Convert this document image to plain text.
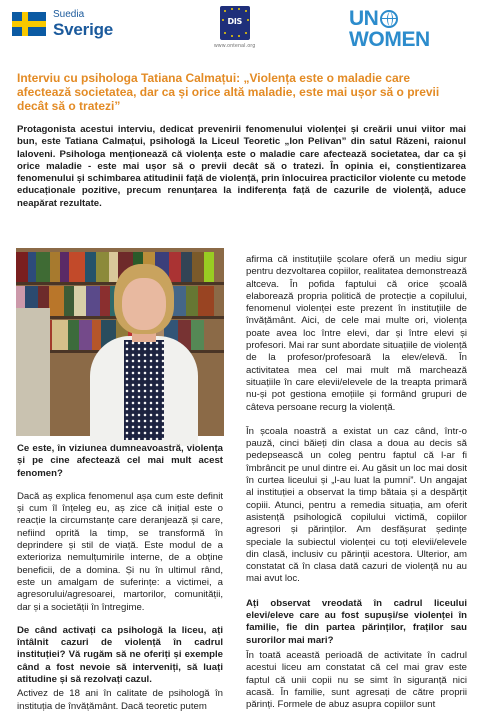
Suedia
Sverige	DIS
www.ontenal.org
UN
WOMEN
Interviu cu psihologa Tatiana Calmațui: „Violența este o maladie care afectează societatea, dar ca și orice altă maladie, este mai ușor să o previi decât să o tratezi”

Protagonista acestui interviu, dedicat prevenirii fenomenului violenței și creării unui viitor mai bun, este Tatiana Calmațui, psihologă la Liceul Teoretic „Ion Pelivan” din satul Răzeni, raionul Ialoveni. Psihologa menționează că violența este o maladie care afectează societatea, dar ca și orice maladie - este mai ușor să o previi decât să o tratezi. În opinia ei, conștientizarea fenomenului și schimbarea atitudinii față de violență, prin înlocuirea practicilor violente cu metode educaționale pozitive, precum renunțarea la indiferența față de cazurile de violență, aduce neapărat rezultate.

Ce este, în viziunea dumneavoastră, violența și pe cine afectează cel mai mult acest fenomen?

Dacă aș explica fenomenul așa cum este definit și cum îl înțeleg eu, aș zice că inițial este o reacție la circumstanțe care deranjează și care, nefiind oprită la timp, se transformă în deprindere și stil de viață. Este modul de a exterioriza nemulțumirile interne, de a obține beneficii, de a domina. Și nu în ultimul rând, este un amalgam de suferințe: a victimei, a agresorului/agresoarei, martorilor, comunității, dar și a societății în întregime.

De când activați ca psihologă la liceu, ați întâlnit cazuri de violență în cadrul instituției? Vă rugăm să ne oferiți și exemple când a fost nevoie să interveniți, să luați atitudine și să rezolvați cazul.

Activez de 18 ani în calitate de psihologă în instituția de învățământ. Dacă teoretic putem

afirma că instituțiile școlare oferă un mediu sigur pentru dezvoltarea copiilor, realitatea demonstrează altceva. În pofida faptului că orice școală elaborează propria politică de protecție a copilului, fenomenul violenței este prezent în instituțiile de învățământ. Aici, de cele mai multe ori, violența poate avea loc între elevi, dar și între elevi și profesori. Mai rar sunt abordate situațiile de violență de la profesor/profesoară la elev/elevă. În activitatea mea cel mai mult mă marchează situațiile în care elevii/elevele de la treapta primară nu-și pot gestiona emoțiile și formând grupuri de câteva persoane recurg la violență.

În școala noastră a existat un caz când, într-o pauză, cinci băieți din clasa a doua au decis să pedepsească un coleg pentru faptul că l-ar fi îmbrâncit pe unul dintre ei. Au găsit un loc mai dosit în curtea liceului și „l-au luat la pumni”. Un angajat al instituției a observat la timp bătaia și a despărțit copiii. Atunci, pentru a remedia situația, am oferit asistență psihologică copilului victimă, copiilor agresori și părinților. Am desfășurat ședințe speciale la subiectul violenței cu toți elevii/elevele din clasă, inclusiv cu părinții acestora. Ulterior, am constatat că în clasa dată cazuri de violență nu au mai avut loc.

Ați observat vreodată în cadrul liceului elevi/eleve care au fost supuși/se violenței în familie, fie din partea părinților, fraților sau surorilor mai mari?

În toată această perioadă de activitate în cadrul acestui liceu am constatat că cel mai grav este faptul că unii copii nu se simt în siguranță nici acasă. În familie, sunt agresați de către proprii părinți. Formele de abuz asupra copiilor sunt
